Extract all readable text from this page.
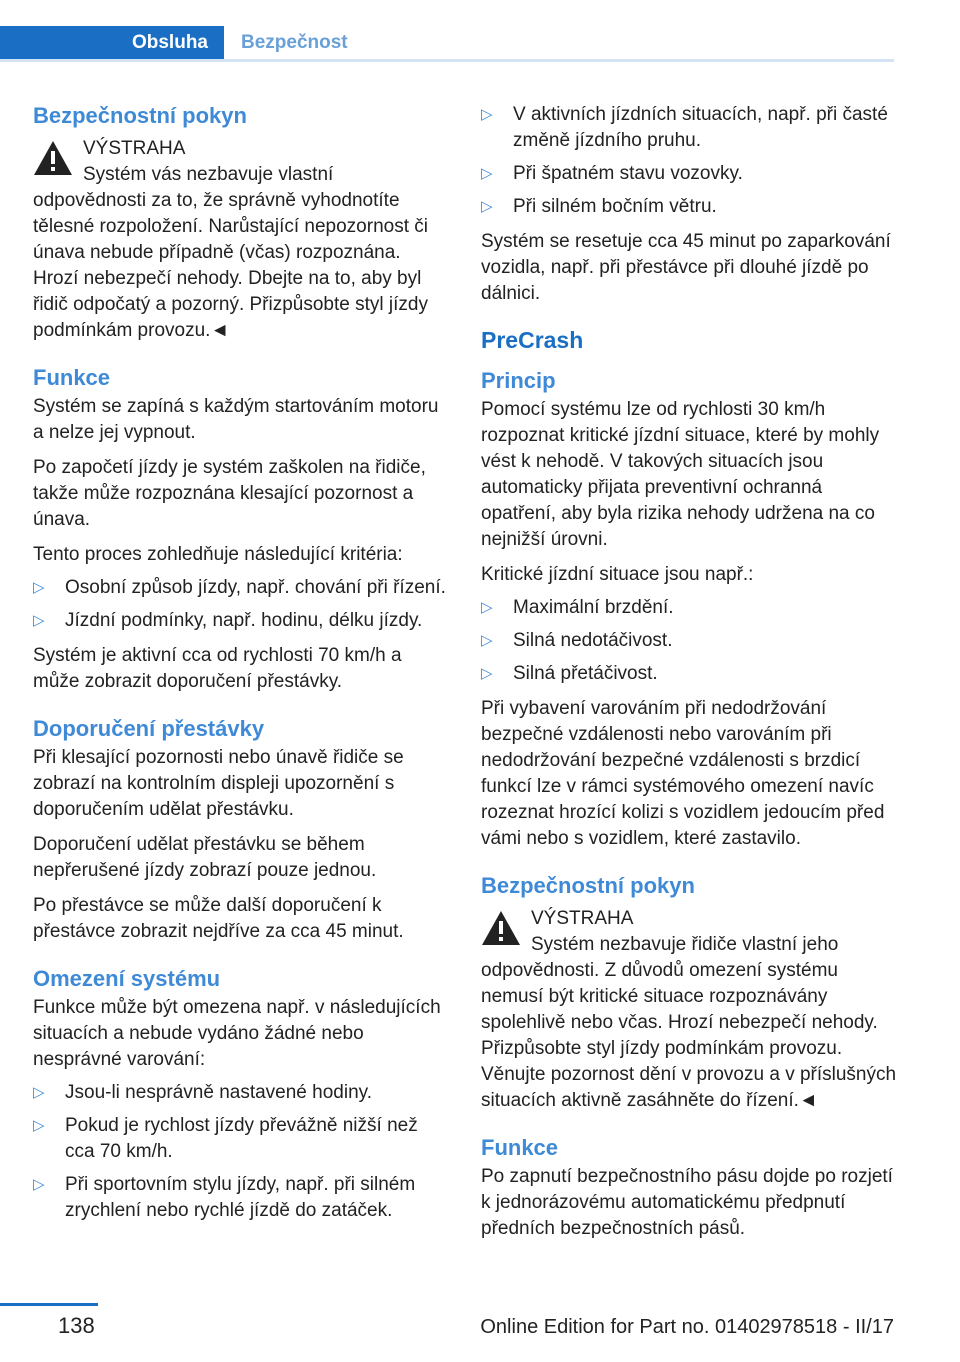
Obsluha	Bezpečnost
Bezpečnostní pokyn
VÝSTRAHA
Systém vás nezbavuje vlastní odpovědnosti za to, že správně vyhodnotíte tělesné rozpoložení. Narůstající nepozornost či únava nebude případně (včas) rozpoznána. Hrozí nebezpečí nehody. Dbejte na to, aby byl řidič odpočatý a pozorný. Přizpůsobte styl jízdy podmínkám provozu.◄
Funkce

Systém se zapíná s každým startováním motoru a nelze jej vypnout.

Po započetí jízdy je systém zaškolen na řidiče, takže může rozpoznána klesající pozornost a únava.

Tento proces zohledňuje následující kritéria:

▷ Osobní způsob jízdy, např. chování při řízení.
▷ Jízdní podmínky, např. hodinu, délku jízdy.

Systém je aktivní cca od rychlosti 70 km/h a může zobrazit doporučení přestávky.

Doporučení přestávky

Při klesající pozornosti nebo únavě řidiče se zobrazí na kontrolním displeji upozornění s doporučením udělat přestávku.

Doporučení udělat přestávku se během nepřerušené jízdy zobrazí pouze jednou.

Po přestávce se může další doporučení k přestávce zobrazit nejdříve za cca 45 minut.

Omezení systému

Funkce může být omezena např. v následujících situacích a nebude vydáno žádné nebo nesprávné varování:

▷ Jsou-li nesprávně nastavené hodiny.
▷ Pokud je rychlost jízdy převážně nižší než cca 70 km/h.
▷ Při sportovním stylu jízdy, např. při silném zrychlení nebo rychlé jízdě do zatáček.
▷ V aktivních jízdních situacích, např. při časté změně jízdního pruhu.
▷ Při špatném stavu vozovky.
▷ Při silném bočním větru.

Systém se resetuje cca 45 minut po zaparkování vozidla, např. při přestávce při dlouhé jízdě po dálnici.

PreCrash
Princip

Pomocí systému lze od rychlosti 30 km/h rozpoznat kritické jízdní situace, které by mohly vést k nehodě. V takových situacích jsou automaticky přijata preventivní ochranná opatření, aby byla rizika nehody udržena na co nejnižší úrovni.

Kritické jízdní situace jsou např.:

▷ Maximální brzdění.
▷ Silná nedotáčivost.
▷ Silná přetáčivost.

Při vybavení varováním při nedodržování bezpečné vzdálenosti nebo varováním při nedodržování bezpečné vzdálenosti s brzdicí funkcí lze v rámci systémového omezení navíc rozeznat hrozící kolizi s vozidlem jedoucím před vámi nebo s vozidlem, které zastavilo.

Bezpečnostní pokyn
VÝSTRAHA
Systém nezbavuje řidiče vlastní jeho odpovědnosti. Z důvodů omezení systému nemusí být kritické situace rozpoznávány spolehlivě nebo včas. Hrozí nebezpečí nehody. Přizpůsobte styl jízdy podmínkám provozu. Věnujte pozornost dění v provozu a v příslušných situacích aktivně zasáhněte do řízení.◄
Funkce

Po zapnutí bezpečnostního pásu dojde po rozjetí k jednorázovému automatickému předpnutí předních bezpečnostních pásů.

138	Online Edition for Part no. 01402978518 - II/17
